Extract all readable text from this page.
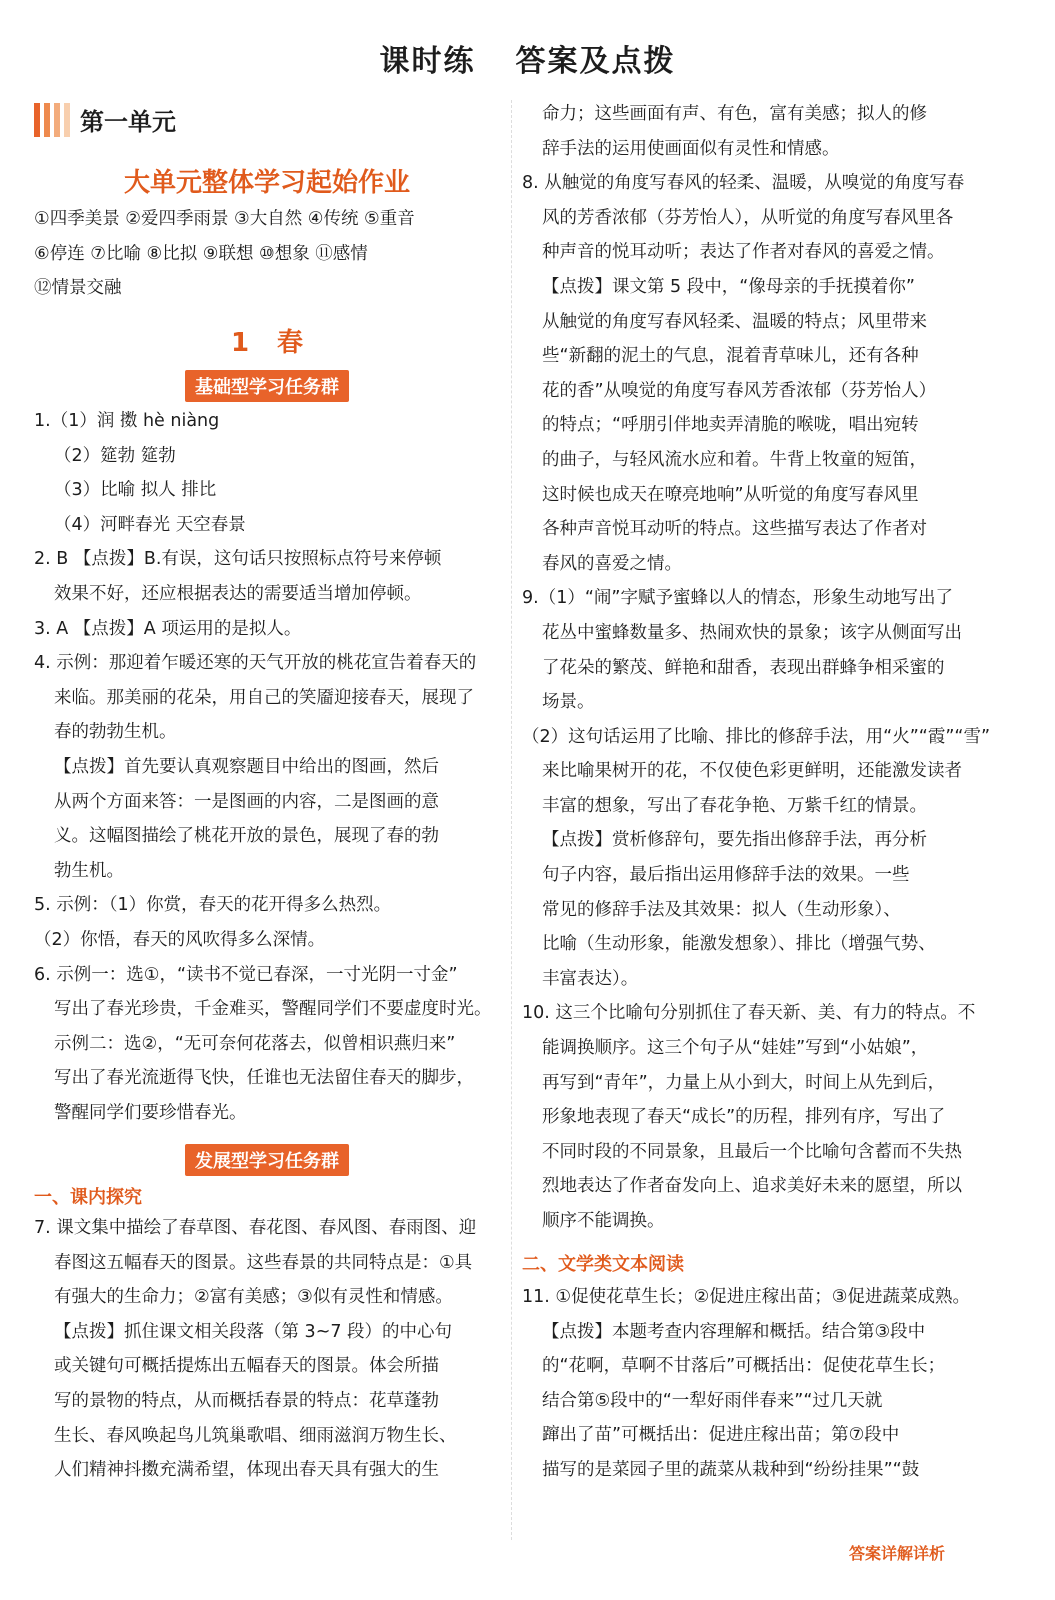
课时练 答案及点拨
第一单元
大单元整体学习起始作业
①四季美景 ②爱四季雨景 ③大自然 ④传统 ⑤重音
⑥停连 ⑦比喻 ⑧比拟 ⑨联想 ⑩想象 ⑪感情
⑫情景交融
1 春
基础型学习任务群
1.（1）润 擞 hè niàng
（2）筵勃 筵勃
（3）比喻 拟人 排比
（4）河畔春光 天空春景
2. B 【点拨】B.有误，这句话只按照标点符号来停顿
效果不好，还应根据表达的需要适当增加停顿。
3. A 【点拨】A 项运用的是拟人。
4. 示例：那迎着乍暖还寒的天气开放的桃花宣告着春天的
来临。那美丽的花朵，用自己的笑靥迎接春天，展现了
春的勃勃生机。
【点拨】首先要认真观察题目中给出的图画，然后
从两个方面来答：一是图画的内容，二是图画的意
义。这幅图描绘了桃花开放的景色，展现了春的勃
勃生机。
5. 示例：（1）你赏，春天的花开得多么热烈。
（2）你悟，春天的风吹得多么深情。
6. 示例一：选①，“读书不觉已春深，一寸光阴一寸金”
写出了春光珍贵，千金难买，警醒同学们不要虚度时光。
示例二：选②，“无可奈何花落去，似曾相识燕归来”
写出了春光流逝得飞快，任谁也无法留住春天的脚步，
警醒同学们要珍惜春光。
发展型学习任务群
一、课内探究
7. 课文集中描绘了春草图、春花图、春风图、春雨图、迎
春图这五幅春天的图景。这些春景的共同特点是：①具
有强大的生命力；②富有美感；③似有灵性和情感。
【点拨】抓住课文相关段落（第 3~7 段）的中心句
或关键句可概括提炼出五幅春天的图景。体会所描
写的景物的特点，从而概括春景的特点：花草蓬勃
生长、春风唤起鸟儿筑巢歌唱、细雨滋润万物生长、
人们精神抖擞充满希望，体现出春天具有强大的生
命力；这些画面有声、有色，富有美感；拟人的修
辞手法的运用使画面似有灵性和情感。
8. 从触觉的角度写春风的轻柔、温暖，从嗅觉的角度写春
风的芳香浓郁（芬芳怡人），从听觉的角度写春风里各
种声音的悦耳动听；表达了作者对春风的喜爱之情。
【点拨】课文第 5 段中，“像母亲的手抚摸着你”
从触觉的角度写春风轻柔、温暖的特点；风里带来
些“新翻的泥土的气息，混着青草味儿，还有各种
花的香”从嗅觉的角度写春风芳香浓郁（芬芳怡人）
的特点；“呼朋引伴地卖弄清脆的喉咙，唱出宛转
的曲子，与轻风流水应和着。牛背上牧童的短笛，
这时候也成天在嘹亮地响”从听觉的角度写春风里
各种声音悦耳动听的特点。这些描写表达了作者对
春风的喜爱之情。
9.（1）“闹”字赋予蜜蜂以人的情态，形象生动地写出了
花丛中蜜蜂数量多、热闹欢快的景象；该字从侧面写出
了花朵的繁茂、鲜艳和甜香，表现出群蜂争相采蜜的
场景。
（2）这句话运用了比喻、排比的修辞手法，用“火”“霞”“雪”
来比喻果树开的花，不仅使色彩更鲜明，还能激发读者
丰富的想象，写出了春花争艳、万紫千红的情景。
【点拨】赏析修辞句，要先指出修辞手法，再分析
句子内容，最后指出运用修辞手法的效果。一些
常见的修辞手法及其效果：拟人（生动形象）、
比喻（生动形象，能激发想象）、排比（增强气势、
丰富表达）。
10. 这三个比喻句分别抓住了春天新、美、有力的特点。不
能调换顺序。这三个句子从“娃娃”写到“小姑娘”，
再写到“青年”，力量上从小到大，时间上从先到后，
形象地表现了春天“成长”的历程，排列有序，写出了
不同时段的不同景象，且最后一个比喻句含蓄而不失热
烈地表达了作者奋发向上、追求美好未来的愿望，所以
顺序不能调换。
二、文学类文本阅读
11. ①促使花草生长；②促进庄稼出苗；③促进蔬菜成熟。
【点拨】本题考查内容理解和概括。结合第③段中
的“花啊，草啊不甘落后”可概括出：促使花草生长；
结合第⑤段中的“一犁好雨伴春来”“过几天就
蹿出了苗”可概括出：促进庄稼出苗；第⑦段中
描写的是菜园子里的蔬菜从栽种到“纷纷挂果”“鼓
答案详解详析
